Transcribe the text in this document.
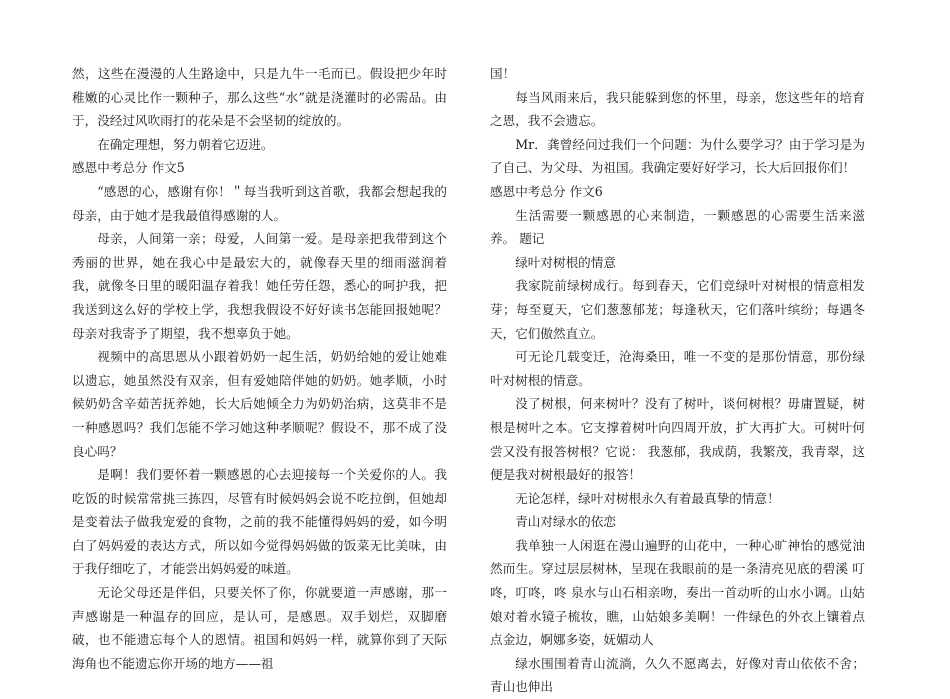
然，这些在漫漫的人生路途中，只是九牛一毛而已。假设把少年时稚嫩的心灵比作一颗种子，那么这些“水”就是浇灌时的必需品。由于，没经过风吹雨打的花朵是不会坚韧的绽放的。

在确定理想，努力朝着它迈进。

感恩中考总分 作文5

“感恩的心，感谢有你！＂每当我听到这首歌，我都会想起我的母亲，由于她才是我最值得感谢的人。

母亲，人间第一亲；母爱，人间第一爱。是母亲把我带到这个秀丽的世界，她在我心中是最宏大的，就像春天里的细雨滋润着我，就像冬日里的暖阳温存着我！她任劳任怨，悉心的呵护我，把我送到这么好的学校上学，我想我假设不好好读书怎能回报她呢？母亲对我寄予了期望，我不想辜负于她。

视频中的高思恩从小跟着奶奶一起生活，奶奶给她的爱让她难以遗忘，她虽然没有双亲，但有爱她陪伴她的奶奶。她孝顺，小时候奶奶含辛茹苦抚养她，长大后她倾全力为奶奶治病，这莫非不是一种感恩吗？我们怎能不学习她这种孝顺呢？假设不，那不成了没良心吗？

是啊！我们要怀着一颗感恩的心去迎接每一个关爱你的人。我吃饭的时候常常挑三拣四，尽管有时候妈妈会说不吃拉倒，但她却是变着法子做我宠爱的食物，之前的我不能懂得妈妈的爱，如今明白了妈妈爱的表达方式，所以如今觉得妈妈做的饭菜无比美味，由于我仔细吃了，才能尝出妈妈爱的味道。

无论父母还是伴侣，只要关怀了你，你就要道一声感谢，那一声感谢是一种温存的回应，是认可，是感恩。双手划烂，双脚磨破，也不能遗忘每个人的恩情。祖国和妈妈一样，就算你到了天际海角也不能遗忘你开场的地方——祖

国！

每当风雨来后，我只能躲到您的怀里，母亲，您这些年的培育之恩，我不会遗忘。

Mr．龚曾经问过我们一个问题：为什么要学习？由于学习是为了自己、为父母、为祖国。我确定要好好学习，长大后回报你们！

感恩中考总分 作文6

生活需要一颗感恩的心来制造，一颗感恩的心需要生活来滋养。 题记

绿叶对树根的情意

我家院前绿树成行。每到春天，它们竞绿叶对树根的情意相发芽；每至夏天，它们葱葱郁茏；每逢秋天，它们落叶缤纷；每遇冬天，它们傲然直立。

可无论几载变迁，沧海桑田，唯一不变的是那份情意，那份绿叶对树根的情意。

没了树根，何来树叶？没有了树叶，谈何树根？毋庸置疑，树根是树叶之本。它支撑着树叶向四周开放，扩大再扩大。可树叶何尝又没有报答树根？它说： 我葱郁，我成荫，我繁茂，我青翠，这便是我对树根最好的报答！

无论怎样，绿叶对树根永久有着最真挚的情意！

青山对绿水的依恋

我单独一人闲逛在漫山遍野的山花中，一种心旷神怡的感觉油然而生。穿过层层树林，呈现在我眼前的是一条清亮见底的碧溪 叮咚，叮咚，咚 泉水与山石相亲吻，奏出一首动听的山水小调。山姑娘对着水镜子梳妆，瞧，山姑娘多美啊！一件绿色的外衣上镶着点点金边，婀娜多姿，妩媚动人

绿水围围着青山流淌，久久不愿离去，好像对青山依依不舍；青山也伸出
